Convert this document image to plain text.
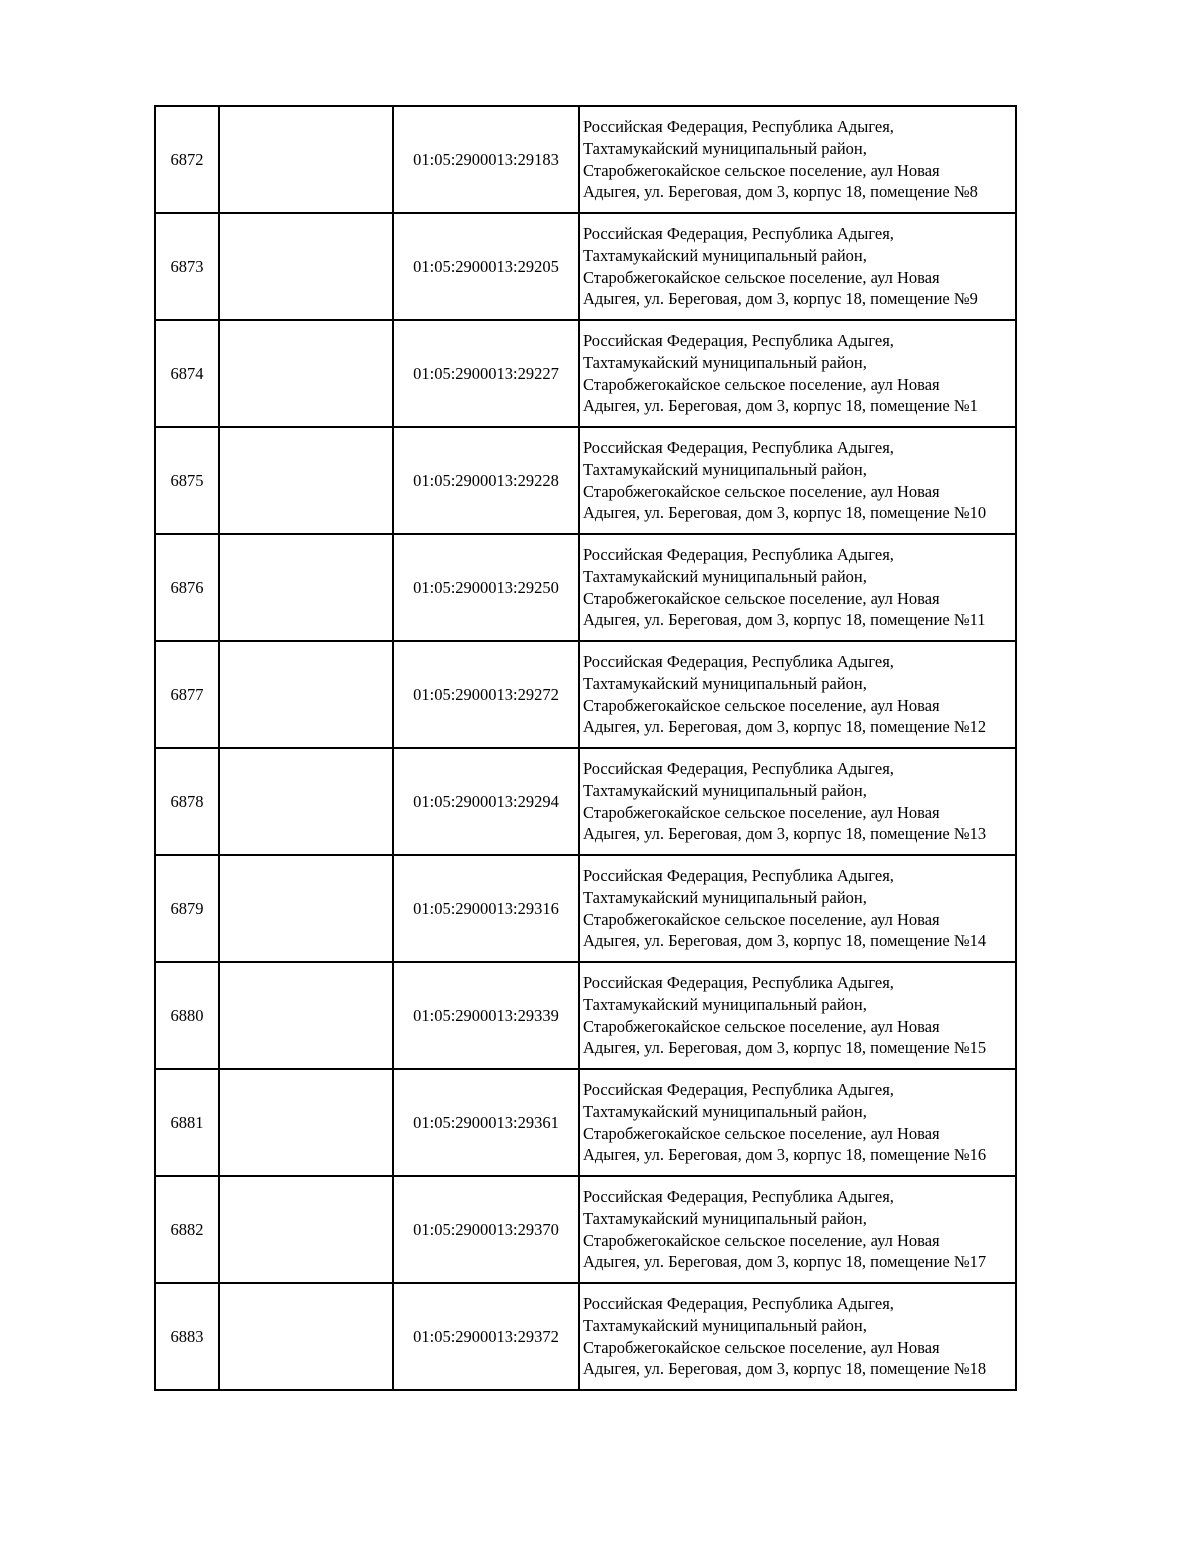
6872		01:05:2900013:29183	Российская Федерация, Республика Адыгея,
Тахтамукайский муниципальный район,
Старобжегокайское сельское поселение, аул Новая
Адыгея, ул. Береговая, дом 3, корпус 18, помещение №8

6873		01:05:2900013:29205	Российская Федерация, Республика Адыгея,
Тахтамукайский муниципальный район,
Старобжегокайское сельское поселение, аул Новая
Адыгея, ул. Береговая, дом 3, корпус 18, помещение №9

6874		01:05:2900013:29227	Российская Федерация, Республика Адыгея,
Тахтамукайский муниципальный район,
Старобжегокайское сельское поселение, аул Новая
Адыгея, ул. Береговая, дом 3, корпус 18, помещение №1

6875		01:05:2900013:29228	Российская Федерация, Республика Адыгея,
Тахтамукайский муниципальный район,
Старобжегокайское сельское поселение, аул Новая
Адыгея, ул. Береговая, дом 3, корпус 18, помещение №10

6876		01:05:2900013:29250	Российская Федерация, Республика Адыгея,
Тахтамукайский муниципальный район,
Старобжегокайское сельское поселение, аул Новая
Адыгея, ул. Береговая, дом 3, корпус 18, помещение №11

6877		01:05:2900013:29272	Российская Федерация, Республика Адыгея,
Тахтамукайский муниципальный район,
Старобжегокайское сельское поселение, аул Новая
Адыгея, ул. Береговая, дом 3, корпус 18, помещение №12

6878		01:05:2900013:29294	Российская Федерация, Республика Адыгея,
Тахтамукайский муниципальный район,
Старобжегокайское сельское поселение, аул Новая
Адыгея, ул. Береговая, дом 3, корпус 18, помещение №13

6879		01:05:2900013:29316	Российская Федерация, Республика Адыгея,
Тахтамукайский муниципальный район,
Старобжегокайское сельское поселение, аул Новая
Адыгея, ул. Береговая, дом 3, корпус 18, помещение №14

6880		01:05:2900013:29339	Российская Федерация, Республика Адыгея,
Тахтамукайский муниципальный район,
Старобжегокайское сельское поселение, аул Новая
Адыгея, ул. Береговая, дом 3, корпус 18, помещение №15

6881		01:05:2900013:29361	Российская Федерация, Республика Адыгея,
Тахтамукайский муниципальный район,
Старобжегокайское сельское поселение, аул Новая
Адыгея, ул. Береговая, дом 3, корпус 18, помещение №16

6882		01:05:2900013:29370	Российская Федерация, Республика Адыгея,
Тахтамукайский муниципальный район,
Старобжегокайское сельское поселение, аул Новая
Адыгея, ул. Береговая, дом 3, корпус 18, помещение №17

6883		01:05:2900013:29372	Российская Федерация, Республика Адыгея,
Тахтамукайский муниципальный район,
Старобжегокайское сельское поселение, аул Новая
Адыгея, ул. Береговая, дом 3, корпус 18, помещение №18
